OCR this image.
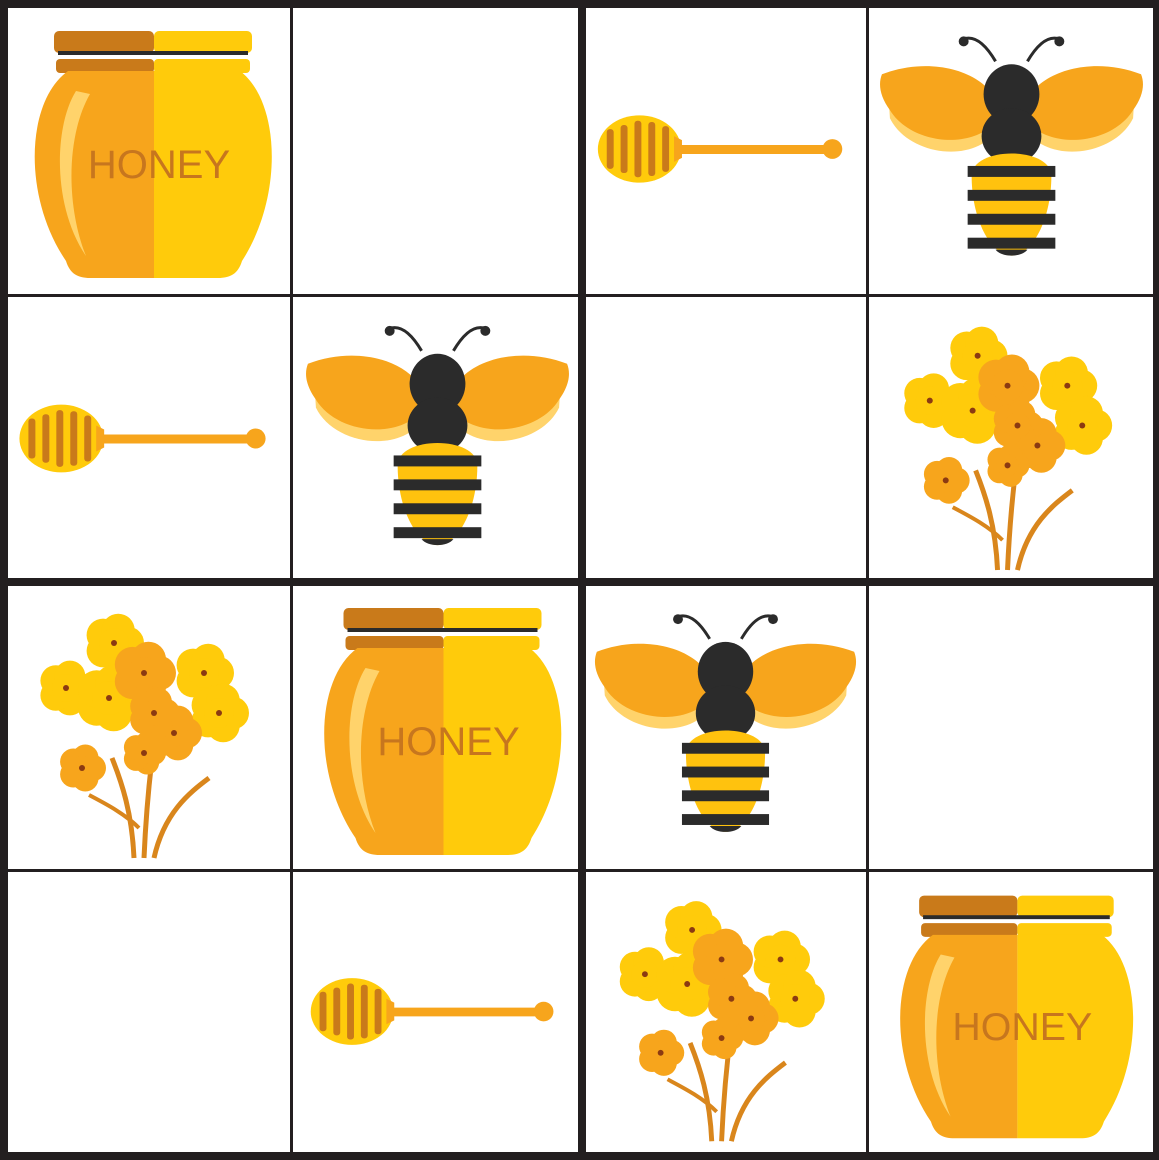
HONEY
HONEY
HONEY
